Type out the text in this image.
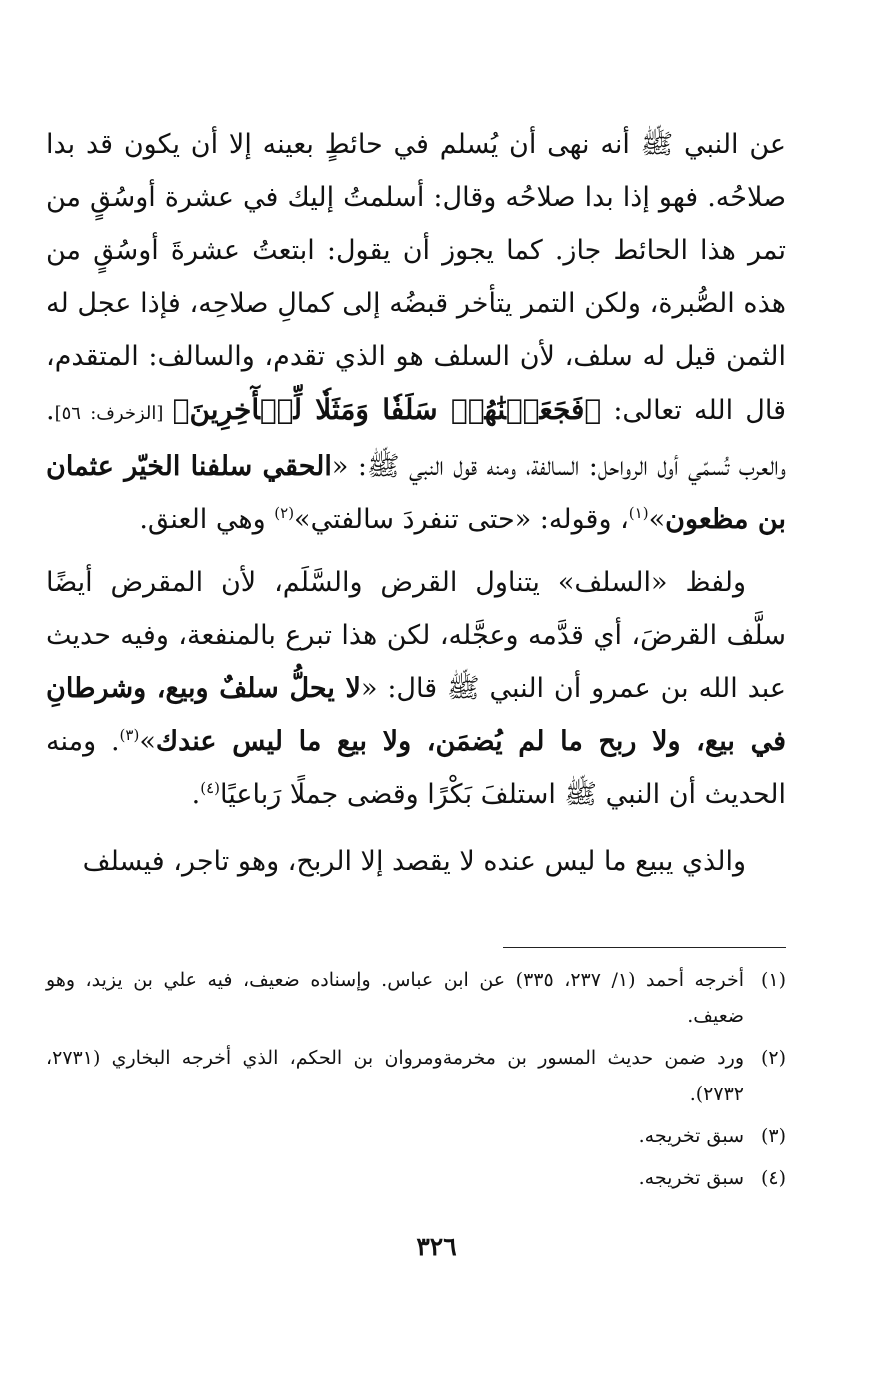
عن النبي ﷺ أنه نهى أن يُسلم في حائطٍ بعينه إلا أن يكون قد بدا صلاحُه. فهو إذا بدا صلاحُه وقال: أسلمتُ إليك في عشرة أوسُقٍ من تمر هذا الحائط جاز. كما يجوز أن يقول: ابتعتُ عشرةَ أوسُقٍ من هذه الصُّبرة، ولكن التمر يتأخر قبضُه إلى كمالِ صلاحِه، فإذا عجل له الثمن قيل له سلف، لأن السلف هو الذي تقدم، والسالف: المتقدم، قال الله تعالى: ﴿فَجَعَلۡنَٰهُمۡ سَلَفٗا وَمَثَلٗا لِّلۡأٓخِرِينَ﴾ [الزخرف: ٥٦]. والعرب تُسمّي أول الرواحل: السالفة، ومنه قول النبي ﷺ: «الحقي سلفنا الخيّر عثمان بن مظعون»$^{(١)}$، وقوله: «حتى تنفردَ سالفتي»$^{(٢)}$ وهي العنق.

ولفظ «السلف» يتناول القرض والسَّلَم، لأن المقرض أيضًا سلَّف القرضَ، أي قدَّمه وعجَّله، لكن هذا تبرع بالمنفعة، وفيه حديث عبد الله بن عمرو أن النبي ﷺ قال: «لا يحلُّ سلفٌ وبيع، وشرطانِ في بيع، ولا ربح ما لم يُضمَن، ولا بيع ما ليس عندك»$^{(٣)}$. ومنه الحديث أن النبي ﷺ استلفَ بَكْرًا وقضى جملًا رَباعيًا$^{(٤)}$.

والذي يبيع ما ليس عنده لا يقصد إلا الربح، وهو تاجر، فيسلف

(١)
أخرجه أحمد (١/ ٢٣٧، ٣٣٥) عن ابن عباس. وإسناده ضعيف، فيه علي بن يزيد، وهو ضعيف.
(٢)
ورد ضمن حديث المسور بن مخرمةومروان بن الحكم، الذي أخرجه البخاري (٢٧٣١، ٢٧٣٢).
(٣)
سبق تخريجه.
(٤)
سبق تخريجه.
٣٢٦
